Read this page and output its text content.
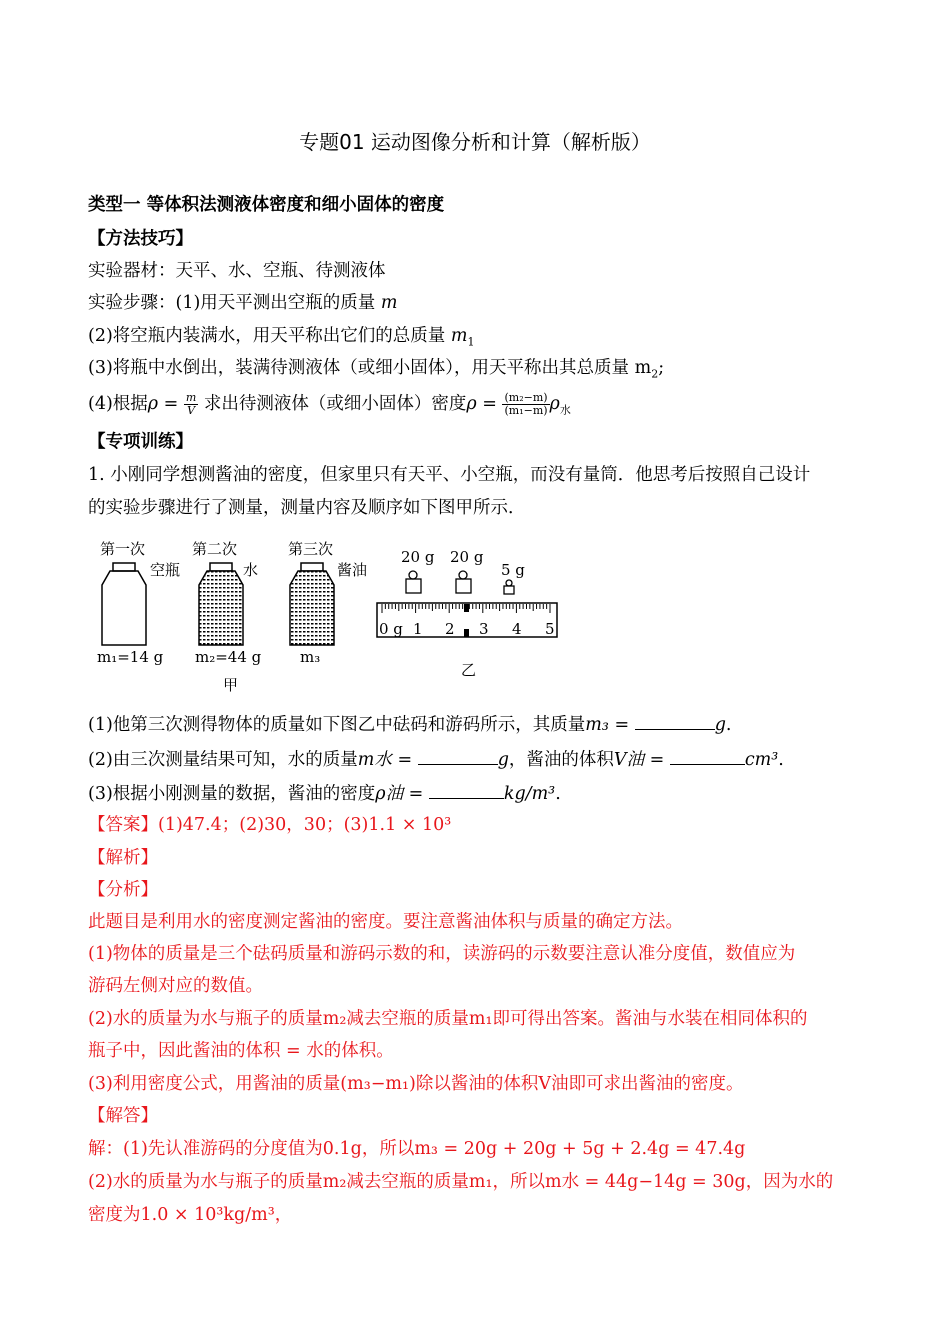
专题01 运动图像分析和计算（解析版）
类型一 等体积法测液体密度和细小固体的密度
【方法技巧】
实验器材：天平、水、空瓶、待测液体
实验步骤：(1)用天平测出空瓶的质量 m
(2)将空瓶内装满水，用天平称出它们的总质量 $m_1$
(3)将瓶中水倒出，装满待测液体（或细小固体），用天平称出其总质量 $m_2$;
(4)根据$\rho = \frac{m}{V}$ 求出待测液体（或细小固体）密度$\rho = \frac{\text{(m₂−m)}}{\text{(m₁−m)}} \rho_水$
【专项训练】
1. 小刚同学想测酱油的密度，但家里只有天平、小空瓶，而没有量筒．他思考后按照自己设计
的实验步骤进行了测量，测量内容及顺序如下图甲所示．
第一次	第二次	第三次
空瓶	水	酱油
m₁=14 g m₂=44 g	m₃
甲
20 g 20 g
5 g
0 g 1 2 3 4 5
乙
(1)他第三次测得物体的质量如下图乙中砝码和游码所示，其质量m₃ =	g.
(2)由三次测量结果可知，水的质量m水 =	g，酱油的体积V油 =	cm³.
(3)根据小刚测量的数据，酱油的密度ρ油 =	kg/m³.
【答案】(1)47.4；(2)30，30；(3)1.1 × 10³
【解析】
【分析】
此题目是利用水的密度测定酱油的密度。要注意酱油体积与质量的确定方法。
(1)物体的质量是三个砝码质量和游码示数的和，读游码的示数要注意认准分度值，数值应为
游码左侧对应的数值。
(2)水的质量为水与瓶子的质量m₂减去空瓶的质量m₁即可得出答案。酱油与水装在相同体积的
瓶子中，因此酱油的体积 = 水的体积。
(3)利用密度公式，用酱油的质量(m₃−m₁)除以酱油的体积V油即可求出酱油的密度。
【解答】
解：(1)先认准游码的分度值为0.1g，所以m₃ = 20g + 20g + 5g + 2.4g = 47.4g
(2)水的质量为水与瓶子的质量m₂减去空瓶的质量m₁，所以m水 = 44g−14g = 30g，因为水的
密度为1.0 × 10³kg/m³，
